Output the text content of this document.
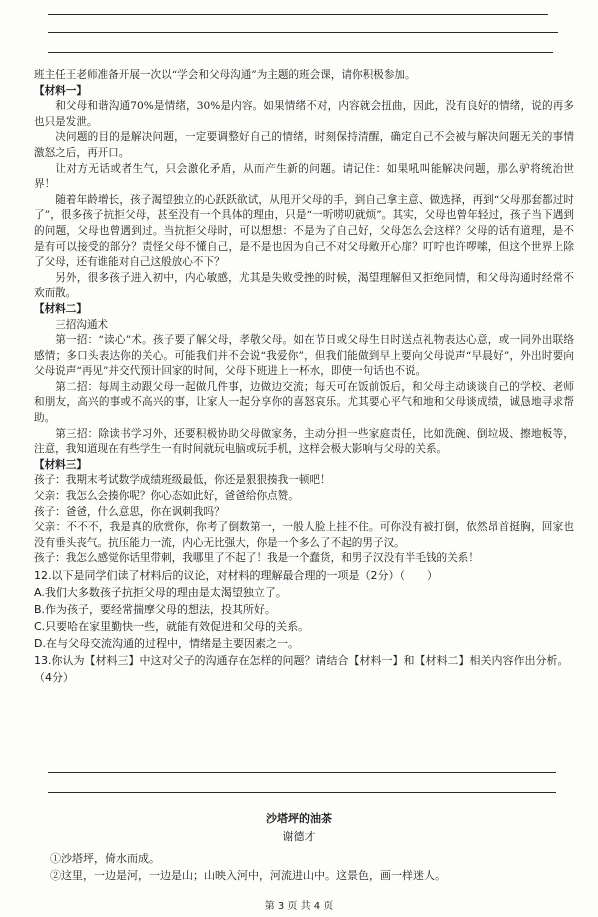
班主任王老师准备开展一次以“学会和父母沟通”为主题的班会课，请你积极参加。

【材料一】

和父母和谐沟通70%是情绪，30%是内容。如果情绪不对，内容就会扭曲，因此，没有良好的情绪，说的再多也只是发泄。

决问题的目的是解决问题，一定要调整好自己的情绪，时刻保持清醒，确定自己不会被与解决问题无关的事情激怒之后，再开口。

让对方无话或者生气，只会激化矛盾，从而产生新的问题。请记住：如果吼叫能解决问题，那么驴将统治世界！

随着年龄增长，孩子渴望独立的心跃跃欲试，从甩开父母的手，到自己拿主意、做选择，再到“父母那套都过时了”，很多孩子抗拒父母，甚至没有一个具体的理由，只是“一听唠叨就烦”。其实，父母也曾年轻过，孩子当下遇到的问题，父母也曾遇到过。当抗拒父母时，可以想想：不是为了自己好，父母怎么会这样？父母的话有道理，是不是有可以接受的部分？责怪父母不懂自己，是不是也因为自己不对父母敞开心扉？叮咛也许啰嗦，但这个世界上除了父母，还有谁能对自己这般放心不下？

另外，很多孩子进入初中，内心敏感，尤其是失败受挫的时候，渴望理解但又拒绝同情，和父母沟通时经常不欢而散。

【材料二】

三招沟通术

第一招：“读心”术。孩子要了解父母，孝敬父母。如在节日或父母生日时送点礼物表达心意，或一同外出联络感情；多口头表达你的关心。可能我们并不会说“我爱你”，但我们能做到早上要向父母说声“早晨好”，外出时要向父母说声“再见”并交代预计回家的时间，父母下班进上一杯水，即使一句话也不说。

第二招：每周主动跟父母一起做几件事，边做边交流；每天可在饭前饭后，和父母主动谈谈自己的学校、老师和朋友，高兴的事或不高兴的事，让家人一起分享你的喜怒哀乐。尤其要心平气和地和父母谈成绩，诚恳地寻求帮助。

第三招：除读书学习外，还要积极协助父母做家务，主动分担一些家庭责任，比如洗碗、倒垃圾、擦地板等，注意，我知道现在有些学生一有时间就玩电脑或玩手机，这样会极大影响与父母的关系。

【材料三】

孩子：我期末考试数学成绩班级最低，你还是狠狠揍我一顿吧！

父亲：我怎么会揍你呢？你心态如此好，爸爸给你点赞。

孩子：爸爸，什么意思，你在讽刺我吗？

父亲：不不不，我是真的欣赏你，你考了倒数第一，一般人脸上挂不住。可你没有被打倒，依然昂首挺胸，回家也没有垂头丧气。抗压能力一流，内心无比强大，你是一个多么了不起的男子汉。

孩子：我怎么感觉你话里带刺，我哪里了不起了！我是一个蠢货，和男子汉没有半毛钱的关系！

12.以下是同学们读了材料后的议论，对材料的理解最合理的一项是（2分）（　　）
A.我们大多数孩子抗拒父母的理由是太渴望独立了。
B.作为孩子，要经常揣摩父母的想法，投其所好。
C.只要哈在家里勤快一些，就能有效促进和父母的关系。
D.在与父母交流沟通的过程中，情绪是主要因素之一。
13.你认为【材料三】中这对父子的沟通存在怎样的问题？请结合【材料一】和【材料二】相关内容作出分析。（4分）
沙塔坪的油茶
谢德才
①沙塔坪，倚水而成。
②这里，一边是河，一边是山；山映入河中，河流进山中。这景色，画一样迷人。
第 3 页 共 4 页
